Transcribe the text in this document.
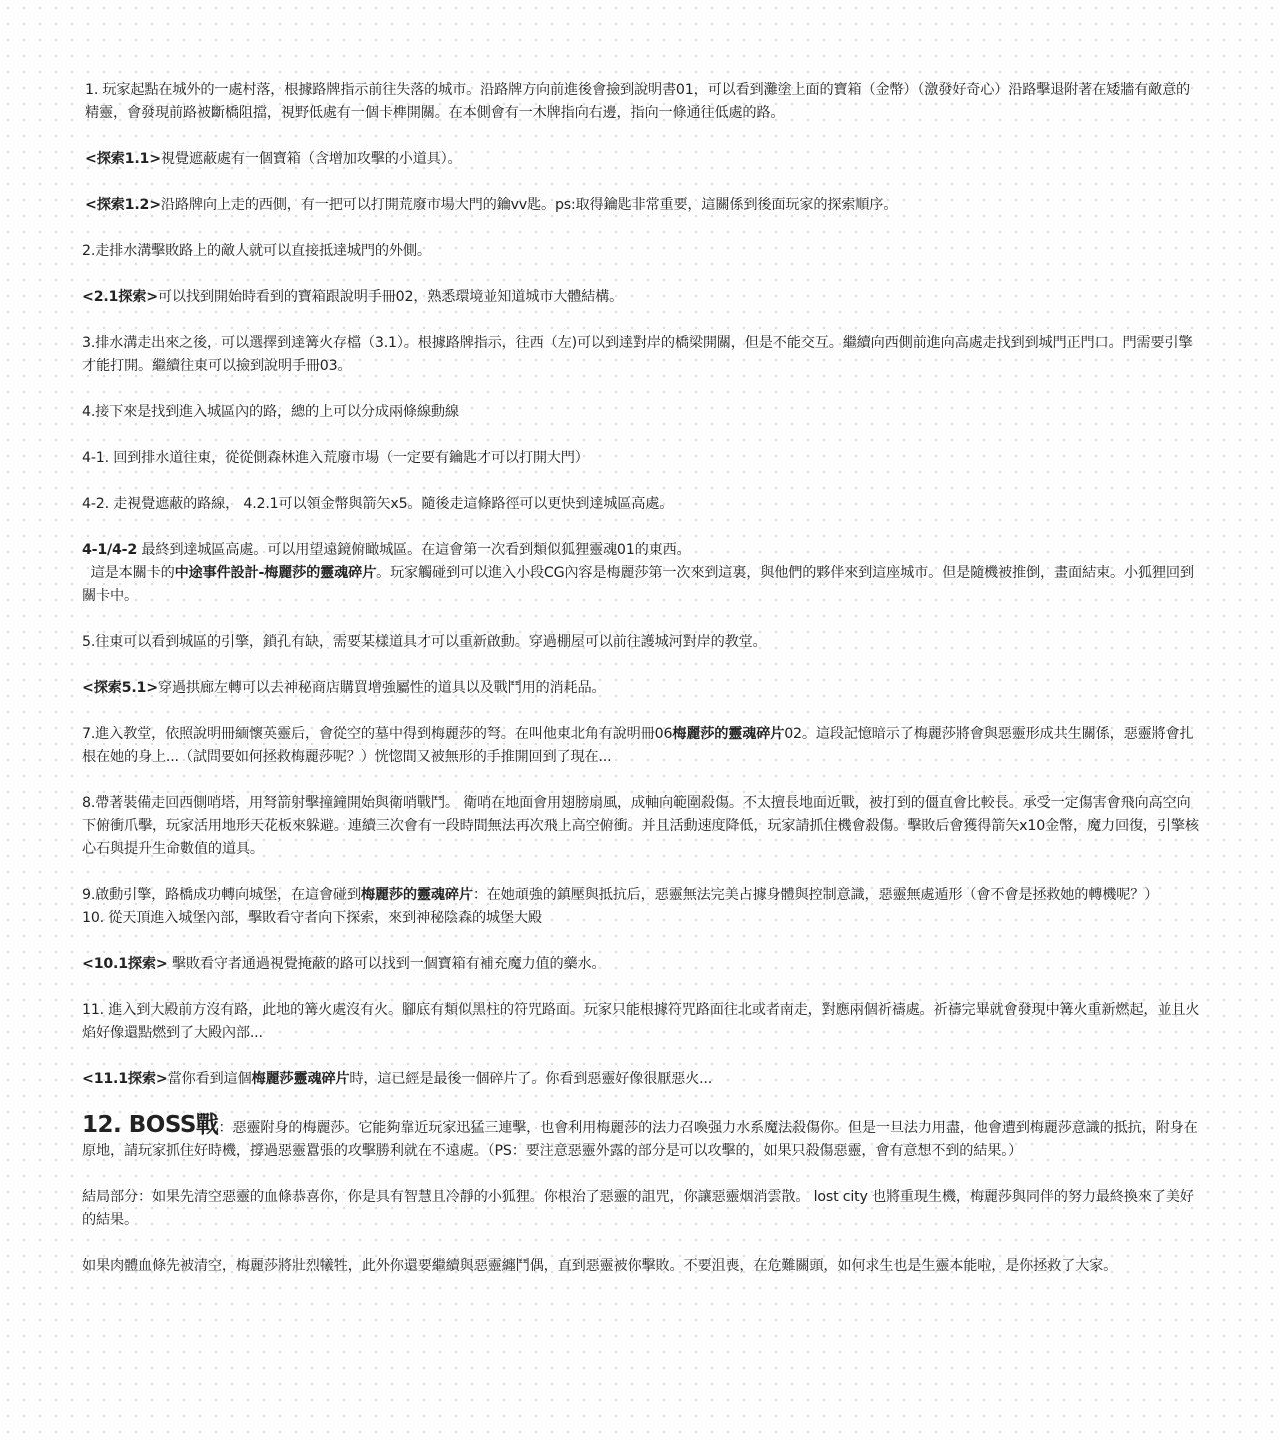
1. 玩家起點在城外的一處村落，根據路牌指示前往失落的城市。沿路牌方向前進後會撿到說明書01，可以看到灘塗上面的寶箱（金幣）（激發好奇心）沿路擊退附著在矮牆有敵意的精靈，會發現前路被斷橋阻擋，視野低處有一個卡榫開關。在本側會有一木牌指向右邊，指向一條通往低處的路。

<探索1.1>視覺遮蔽處有一個寶箱（含增加攻擊的小道具）。

<探索1.2>沿路牌向上走的西側，有一把可以打開荒廢市場大門的鑰vv匙。ps:取得鑰匙非常重要，這關係到後面玩家的探索順序。

2.走排水溝擊敗路上的敵人就可以直接抵達城門的外側。

<2.1探索>可以找到開始時看到的寶箱跟說明手冊02，熟悉環境並知道城市大體結構。

3.排水溝走出來之後，可以選擇到達篝火存檔（3.1）。根據路牌指示，往西（左)可以到達對岸的橋梁開關，但是不能交互。繼續向西側前進向高處走找到到城門正門口。門需要引擎才能打開。繼續往東可以撿到說明手冊03。

4.接下來是找到進入城區內的路，總的上可以分成兩條線動線

4-1. 回到排水道往東，從從側森林進入荒廢市場（一定要有鑰匙才可以打開大門）

4-2. 走視覺遮蔽的路線， 4.2.1可以領金幣與箭矢x5。隨後走這條路徑可以更快到達城區高處。

4-1/4-2 最終到達城區高處。可以用望遠鏡俯瞰城區。在這會第一次看到類似狐狸靈魂01的東西。

這是本關卡的中途事件設計-梅麗莎的靈魂碎片。玩家觸碰到可以進入小段CG內容是梅麗莎第一次來到這裏，與他們的夥伴來到這座城市。但是隨機被推倒，畫面結束。小狐狸回到關卡中。

5.往東可以看到城區的引擎，鎖孔有缺，需要某樣道具才可以重新啟動。穿過棚屋可以前往護城河對岸的教堂。

<探索5.1>穿過拱廊左轉可以去神秘商店購買增強屬性的道具以及戰鬥用的消耗品。

7.進入教堂，依照說明冊緬懷英靈后，會從空的墓中得到梅麗莎的弩。在叫他東北角有說明冊06梅麗莎的靈魂碎片02。這段記憶暗示了梅麗莎將會與惡靈形成共生關係，惡靈將會扎根在她的身上...（試問要如何拯救梅麗莎呢？）恍惚間又被無形的手推開回到了現在...

8.帶著裝備走回西側哨塔，用弩箭射擊撞鐘開始與衛哨戰鬥。 衛哨在地面會用翅膀扇風，成軸向範圍殺傷。不太擅長地面近戰，被打到的僵直會比較長。承受一定傷害會飛向高空向下俯衝爪擊，玩家活用地形天花板來躲避。連續三次會有一段時間無法再次飛上高空俯衝。并且活動速度降低，玩家請抓住機會殺傷。擊敗后會獲得箭矢x10金幣，魔力回復，引擎核心石與提升生命數值的道具。

9.啟動引擎，路橋成功轉向城堡，在這會碰到梅麗莎的靈魂碎片：在她頑強的鎮壓與抵抗后，惡靈無法完美占據身體與控制意識，惡靈無處遁形（會不會是拯救她的轉機呢？）

10. 從天頂進入城堡內部，擊敗看守者向下探索，來到神秘陰森的城堡大殿

<10.1探索> 擊敗看守者通過視覺掩蔽的路可以找到一個寶箱有補充魔力值的藥水。

11. 進入到大殿前方沒有路，此地的篝火處沒有火。腳底有類似黑柱的符咒路面。玩家只能根據符咒路面往北或者南走，對應兩個祈禱處。祈禱完畢就會發現中篝火重新燃起，並且火焰好像還點燃到了大殿內部...

<11.1探索>當你看到這個梅麗莎靈魂碎片時，這已經是最後一個碎片了。你看到惡靈好像很厭惡火...

12. BOSS戰：惡靈附身的梅麗莎。它能夠靠近玩家迅猛三連擊，也會利用梅麗莎的法力召喚强力水系魔法殺傷你。但是一旦法力用盡，他會遭到梅麗莎意識的抵抗，附身在原地，請玩家抓住好時機，撐過惡靈囂張的攻擊勝利就在不遠處。（PS：要注意惡靈外露的部分是可以攻擊的，如果只殺傷惡靈，會有意想不到的結果。）

結局部分：如果先清空惡靈的血條恭喜你，你是具有智慧且冷靜的小狐狸。你根治了惡靈的詛咒，你讓惡靈烟消雲散。 lost city 也將重現生機，梅麗莎與同伴的努力最終換來了美好的結果。

如果肉體血條先被清空，梅麗莎將壯烈犧牲，此外你還要繼續與惡靈纏鬥偶，直到惡靈被你擊敗。不要沮喪，在危難關頭，如何求生也是生靈本能啦，是你拯救了大家。
